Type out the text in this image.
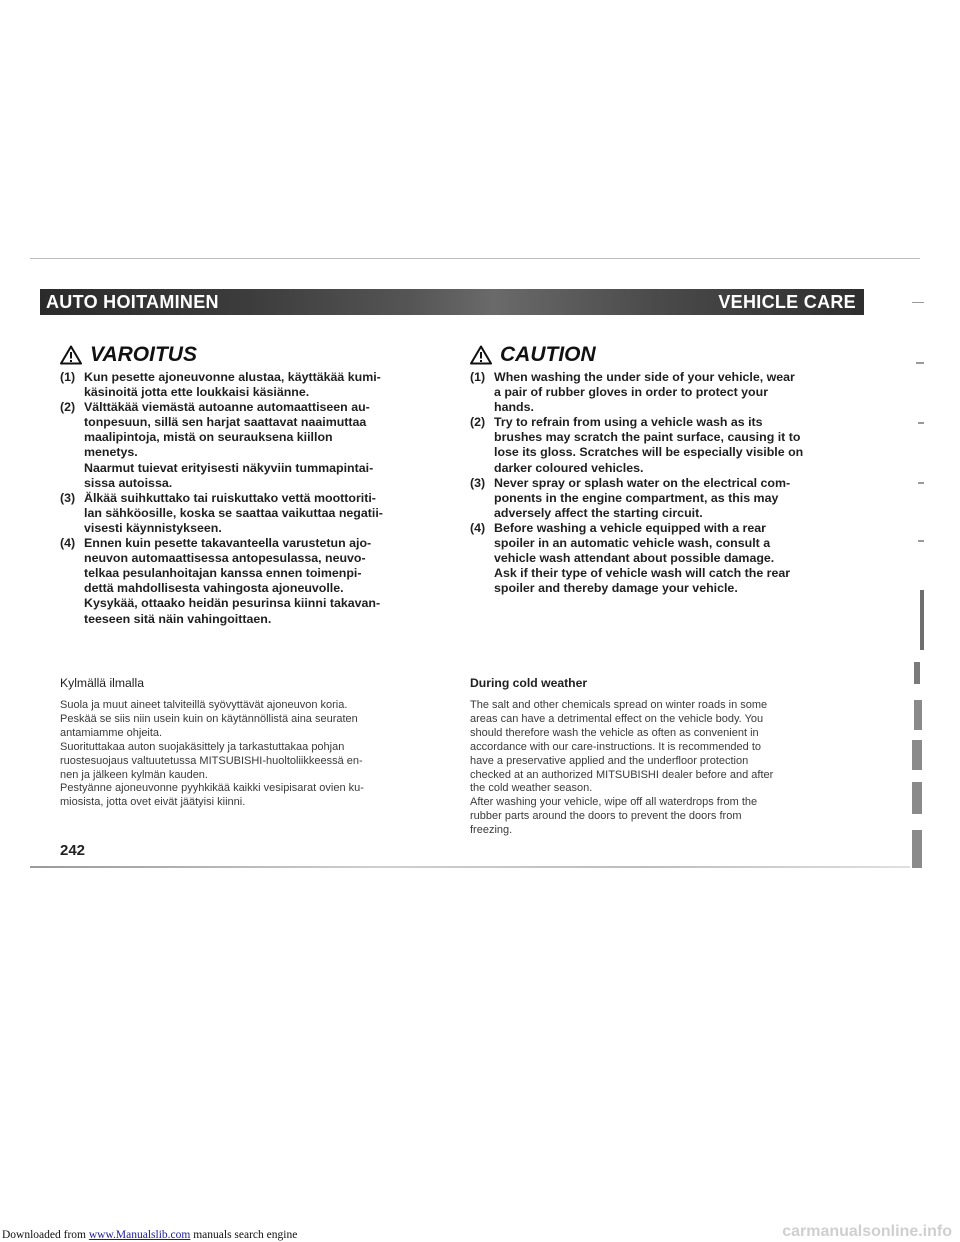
AUTO HOITAMINEN	VEHICLE CARE
VAROITUS
(1) Kun pesette ajoneuvonne alustaa, käyttäkää kumi-
käsinoitä jotta ette loukkaisi käsiänne.
(2) Välttäkää viemästä autoanne automaattiseen au-
tonpesuun, sillä sen harjat saattavat naaimuttaa
maalipintoja, mistä on seurauksena kiillon
menetys.
Naarmut tuievat erityisesti näkyviin tummapintai-
sissa autoissa.
(3) Älkää suihkuttako tai ruiskuttako vettä moottoriti-
lan sähköosille, koska se saattaa vaikuttaa negatii-
visesti käynnistykseen.
(4) Ennen kuin pesette takavanteella varustetun ajo-
neuvon automaattisessa antopesulassa, neuvo-
telkaa pesulanhoitajan kanssa ennen toimenpi-
dettä mahdollisesta vahingosta ajoneuvolle.
Kysykää, ottaako heidän pesurinsa kiinni takavan-
teeseen sitä näin vahingoittaen.
CAUTION
(1) When washing the under side of your vehicle, wear
a pair of rubber gloves in order to protect your
hands.
(2) Try to refrain from using a vehicle wash as its
brushes may scratch the paint surface, causing it to
lose its gloss. Scratches will be especially visible on
darker coloured vehicles.
(3) Never spray or splash water on the electrical com-
ponents in the engine compartment, as this may
adversely affect the starting circuit.
(4) Before washing a vehicle equipped with a rear
spoiler in an automatic vehicle wash, consult a
vehicle wash attendant about possible damage.
Ask if their type of vehicle wash will catch the rear
spoiler and thereby damage your vehicle.
Kylmällä ilmalla

Suola ja muut aineet talviteillä syövyttävät ajoneuvon koria.
Peskää se siis niin usein kuin on käytännöllistä aina seuraten
antamiamme ohjeita.
Suorituttakaa auton suojakäsittely ja tarkastuttakaa pohjan
ruostesuojaus valtuutetussa MITSUBISHI-huoltoliikkeessä en-
nen ja jälkeen kylmän kauden.
Pestyänne ajoneuvonne pyyhkikää kaikki vesipisarat ovien ku-
miosista, jotta ovet eivät jäätyisi kiinni.

During cold weather

The salt and other chemicals spread on winter roads in some
areas can have a detrimental effect on the vehicle body. You
should therefore wash the vehicle as often as convenient in
accordance with our care-instructions. It is recommended to
have a preservative applied and the underfloor protection
checked at an authorized MITSUBISHI dealer before and after
the cold weather season.
After washing your vehicle, wipe off all waterdrops from the
rubber parts around the doors to prevent the doors from
freezing.

242
Downloaded from www.Manualslib.com manuals search engine	carmanualsonline.info
